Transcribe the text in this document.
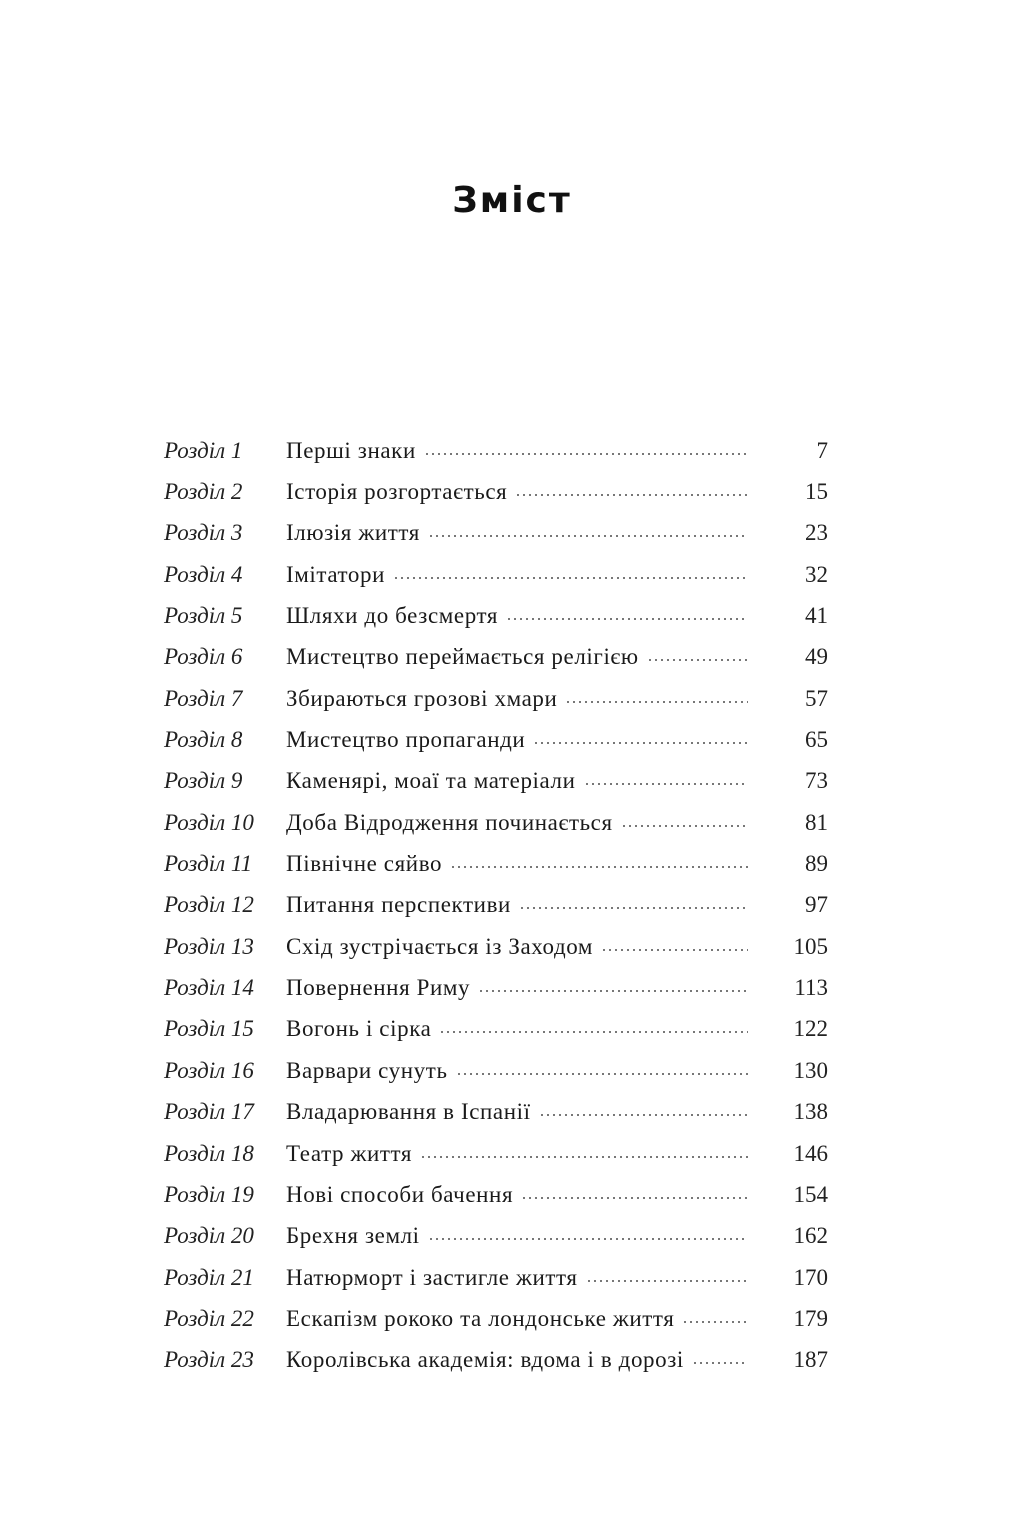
Зміст
Розділ 1	Перші знаки	7
Розділ 2	Історія розгортається	15
Розділ 3	Ілюзія життя	23
Розділ 4	Імітатори	32
Розділ 5	Шляхи до безсмертя	41
Розділ 6	Мистецтво переймається релігією	49
Розділ 7	Збираються грозові хмари	57
Розділ 8	Мистецтво пропаганди	65
Розділ 9	Каменярі, моаї та матеріали	73
Розділ 10	Доба Відродження починається	81
Розділ 11	Північне сяйво	89
Розділ 12	Питання перспективи	97
Розділ 13	Схід зустрічається із Заходом	105
Розділ 14	Повернення Риму	113
Розділ 15	Вогонь і сірка	122
Розділ 16	Варвари сунуть	130
Розділ 17	Владарювання в Іспанії	138
Розділ 18	Театр життя	146
Розділ 19	Нові способи бачення	154
Розділ 20	Брехня землі	162
Розділ 21	Натюрморт і застигле життя	170
Розділ 22	Ескапізм рококо та лондонське життя	179
Розділ 23	Королівська академія: вдома і в дорозі	187
